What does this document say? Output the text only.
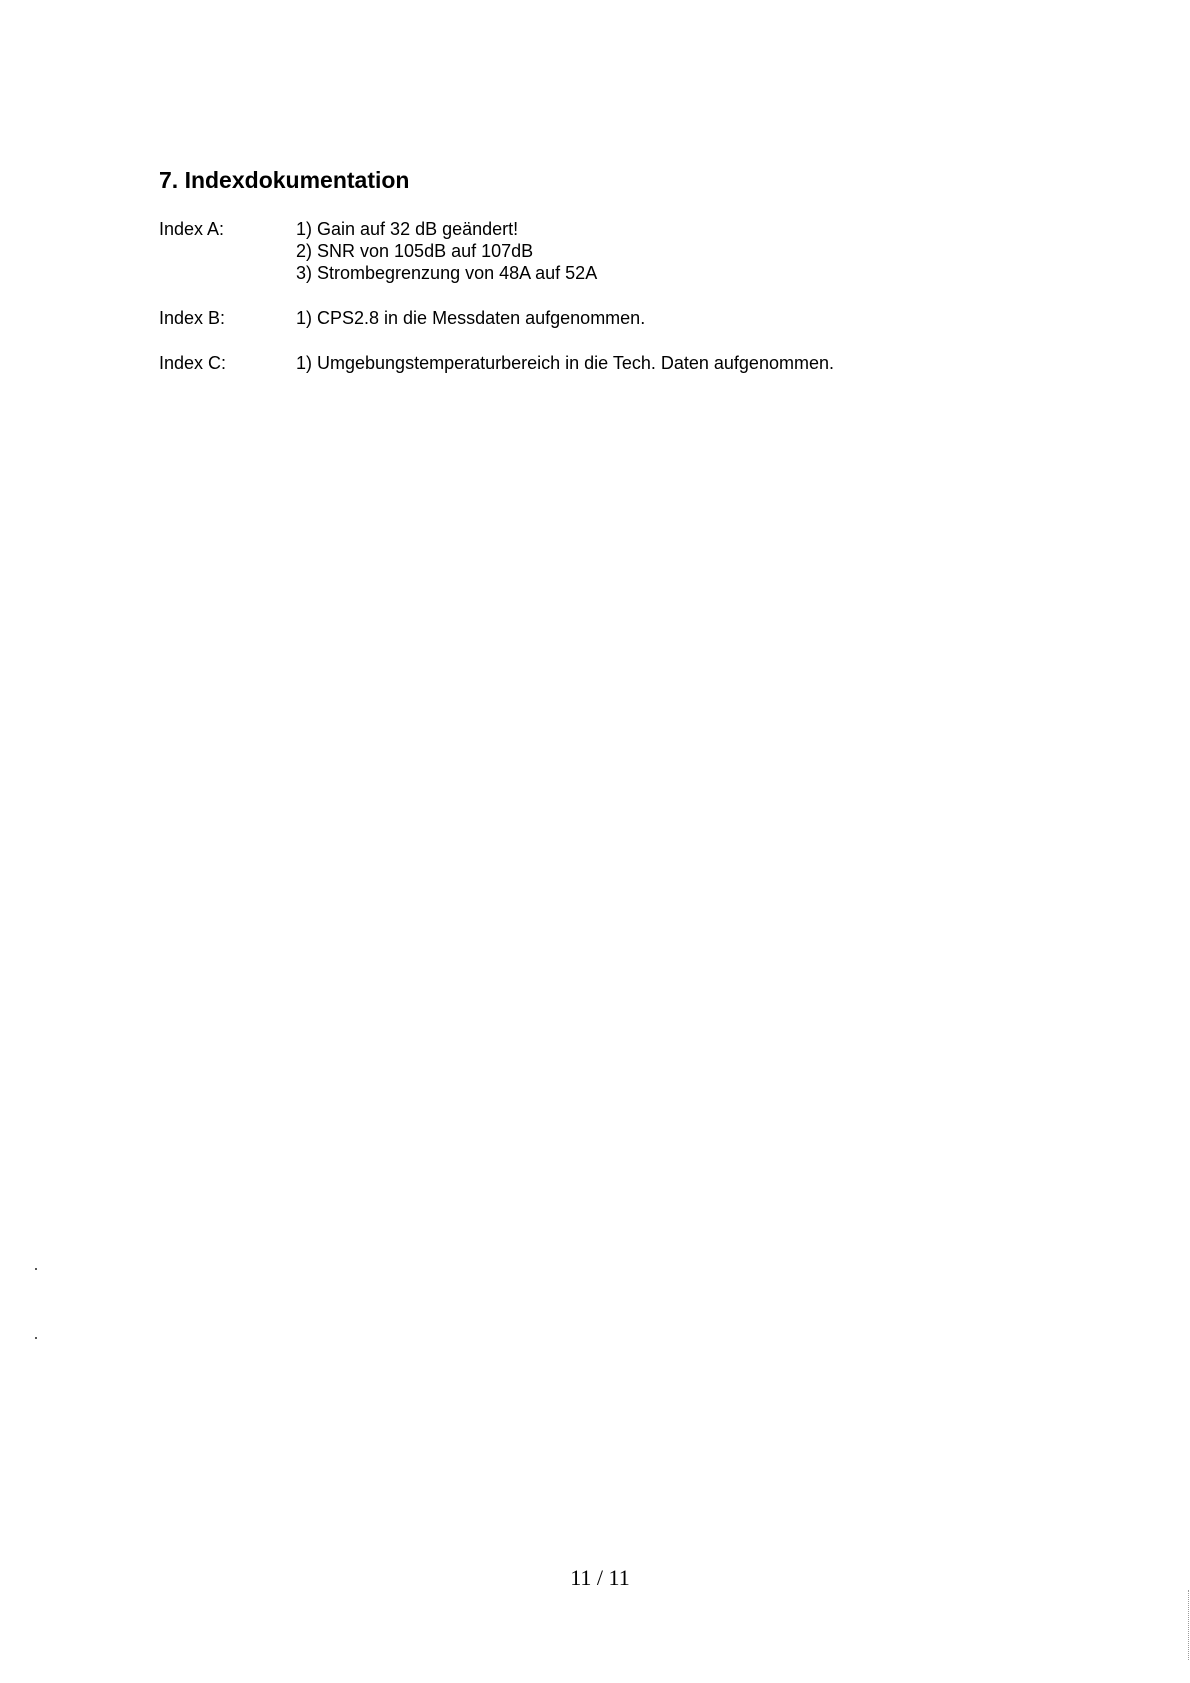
7. Indexdokumentation
Index A:	1) Gain auf 32 dB geändert!
2) SNR von 105dB auf 107dB
3) Strombegrenzung von 48A auf 52A
Index B:	1) CPS2.8 in die Messdaten aufgenommen.
Index C:	1) Umgebungstemperaturbereich in die Tech. Daten aufgenommen.
11 / 11
